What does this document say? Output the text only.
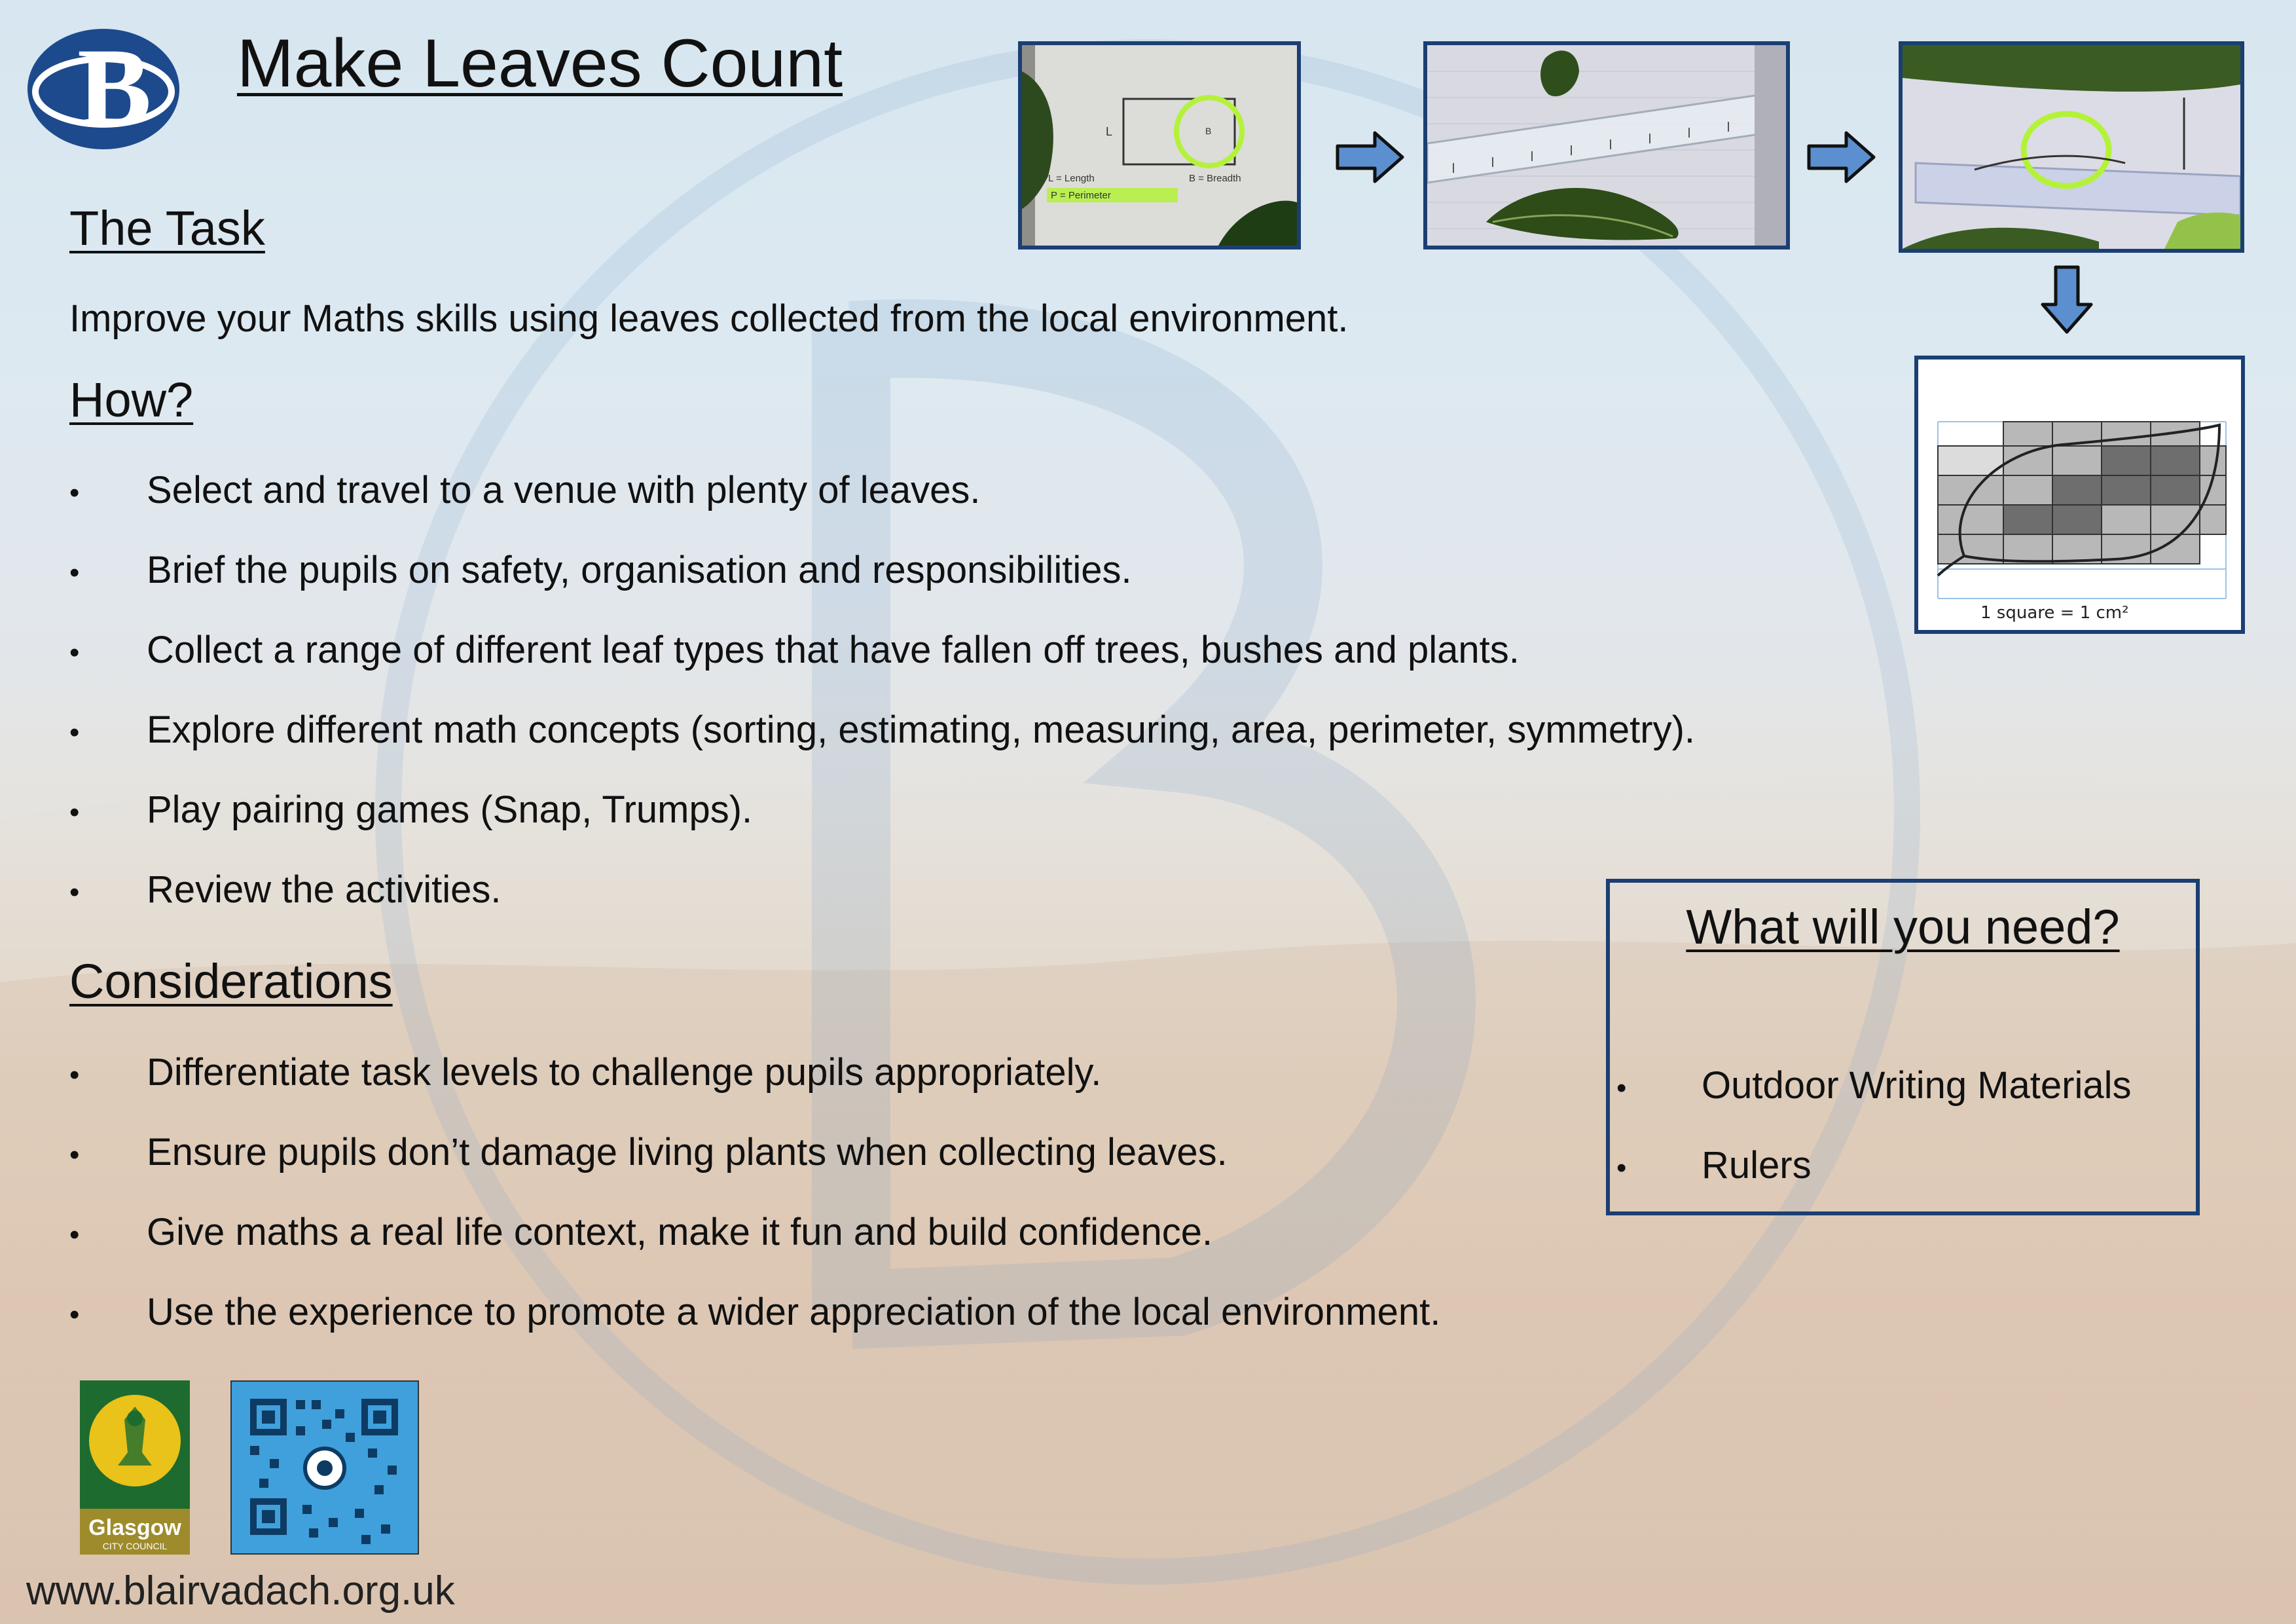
B Make Leaves Count
The Task

Improve your Maths skills using leaves collected from the local environment.

How?
• Select and travel to a venue with plenty of leaves.
• Brief the pupils on safety, organisation and responsibilities.
• Collect a range of different leaf types that have fallen off trees, bushes and plants.
• Explore different math concepts (sorting, estimating, measuring, area, perimeter, symmetry).
• Play pairing games (Snap, Trumps).
• Review the activities.
Considerations
• Differentiate task levels to challenge pupils appropriately.
• Ensure pupils don’t damage living plants when collecting leaves.
• Give maths a real life context, make it fun and build confidence.
• Use the experience to promote a wider appreciation of the local environment.
L	B
L = Length	B = Breadth
P = Perimeter
1 square = 1 cm²
What will you need?
• Outdoor Writing Materials
• Rulers
Glasgow
CITY COUNCIL
www.blairvadach.org.uk
